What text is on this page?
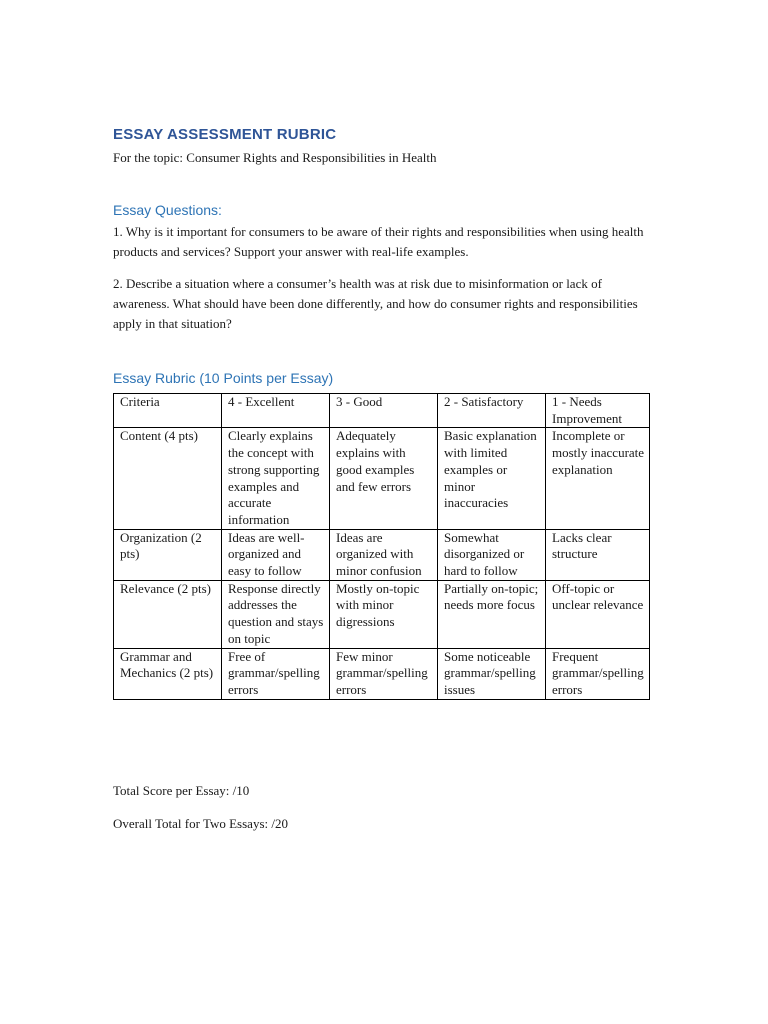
ESSAY ASSESSMENT RUBRIC
For the topic: Consumer Rights and Responsibilities in Health
Essay Questions:
1. Why is it important for consumers to be aware of their rights and responsibilities when using health products and services? Support your answer with real-life examples.
2. Describe a situation where a consumer’s health was at risk due to misinformation or lack of awareness. What should have been done differently, and how do consumer rights and responsibilities apply in that situation?
Essay Rubric (10 Points per Essay)
Criteria	4 - Excellent	3 - Good	2 - Satisfactory	1 - Needs Improvement
Content (4 pts)	Clearly explains the concept with strong supporting examples and accurate information	Adequately explains with good examples and few errors	Basic explanation with limited examples or minor inaccuracies	Incomplete or mostly inaccurate explanation
Organization (2 pts)	Ideas are well-organized and easy to follow	Ideas are organized with minor confusion	Somewhat disorganized or hard to follow	Lacks clear structure
Relevance (2 pts)	Response directly addresses the question and stays on topic	Mostly on-topic with minor digressions	Partially on-topic; needs more focus	Off-topic or unclear relevance
Grammar and Mechanics (2 pts)	Free of grammar/spelling errors	Few minor grammar/spelling errors	Some noticeable grammar/spelling issues	Frequent grammar/spelling errors
Total Score per Essay: /10
Overall Total for Two Essays: /20
